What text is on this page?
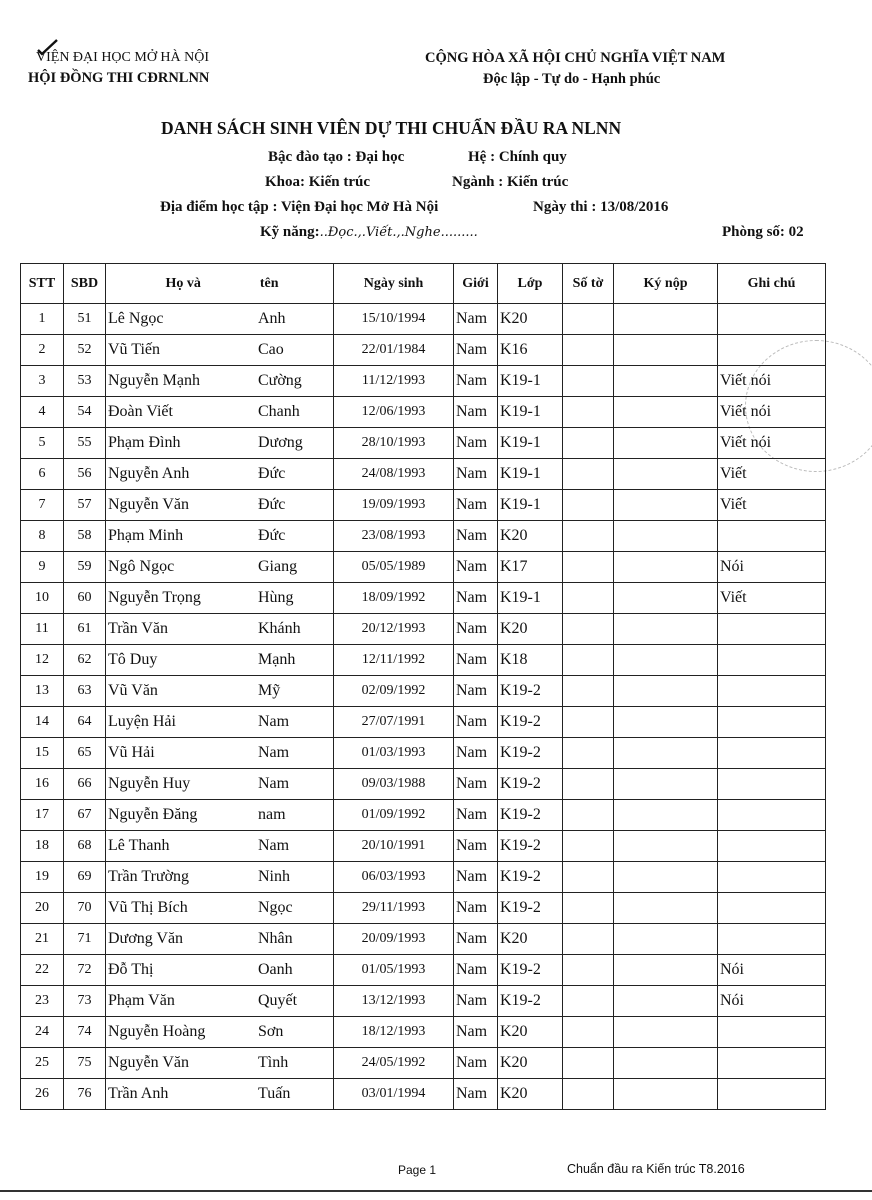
VIỆN ĐẠI HỌC MỞ HÀ NỘI
HỘI ĐỒNG THI CĐRNLNN
CỘNG HÒA XÃ HỘI CHỦ NGHĨA VIỆT NAM
Độc lập - Tự do - Hạnh phúc
DANH SÁCH SINH VIÊN DỰ THI CHUẨN ĐẦU RA NLNN
Bậc đào tạo : Đại học	Hệ : Chính quy
Khoa: Kiến trúc	Ngành : Kiến trúc
Địa điểm học tập : Viện Đại học Mở Hà Nội	Ngày thi : 13/08/2016
Kỹ năng:..Đọc.,.Viết.,.Nghe.........	Phòng số: 02
STT	SBD	Họ và tên	Ngày sinh	Giới	Lớp	Số tờ	Ký nộp	Ghi chú
1	51	Lê Ngọc Anh	15/10/1994	Nam	K20			
2	52	Vũ Tiến Cao	22/01/1984	Nam	K16			
3	53	Nguyễn Mạnh Cường	11/12/1993	Nam	K19-1			Viết nói
4	54	Đoàn Viết Chanh	12/06/1993	Nam	K19-1			Viết nói
5	55	Phạm Đình Dương	28/10/1993	Nam	K19-1			Viết nói
6	56	Nguyễn Anh Đức	24/08/1993	Nam	K19-1			Viết
7	57	Nguyễn Văn Đức	19/09/1993	Nam	K19-1			Viết
8	58	Phạm Minh Đức	23/08/1993	Nam	K20			
9	59	Ngô Ngọc Giang	05/05/1989	Nam	K17			Nói
10	60	Nguyễn Trọng Hùng	18/09/1992	Nam	K19-1			Viết
11	61	Trần Văn Khánh	20/12/1993	Nam	K20			
12	62	Tô Duy Mạnh	12/11/1992	Nam	K18			
13	63	Vũ Văn Mỹ	02/09/1992	Nam	K19-2			
14	64	Luyện Hải Nam	27/07/1991	Nam	K19-2			
15	65	Vũ Hải Nam	01/03/1993	Nam	K19-2			
16	66	Nguyễn Huy Nam	09/03/1988	Nam	K19-2			
17	67	Nguyễn Đăng nam	01/09/1992	Nam	K19-2			
18	68	Lê Thanh Nam	20/10/1991	Nam	K19-2			
19	69	Trần Trường Ninh	06/03/1993	Nam	K19-2			
20	70	Vũ Thị Bích Ngọc	29/11/1993	Nam	K19-2			
21	71	Dương Văn Nhân	20/09/1993	Nam	K20			
22	72	Đỗ Thị Oanh	01/05/1993	Nam	K19-2			Nói
23	73	Phạm Văn Quyết	13/12/1993	Nam	K19-2			Nói
24	74	Nguyễn Hoàng Sơn	18/12/1993	Nam	K20			
25	75	Nguyễn Văn Tình	24/05/1992	Nam	K20			
26	76	Trần Anh Tuấn	03/01/1994	Nam	K20			
Page 1	Chuẩn đầu ra Kiến trúc T8.2016
